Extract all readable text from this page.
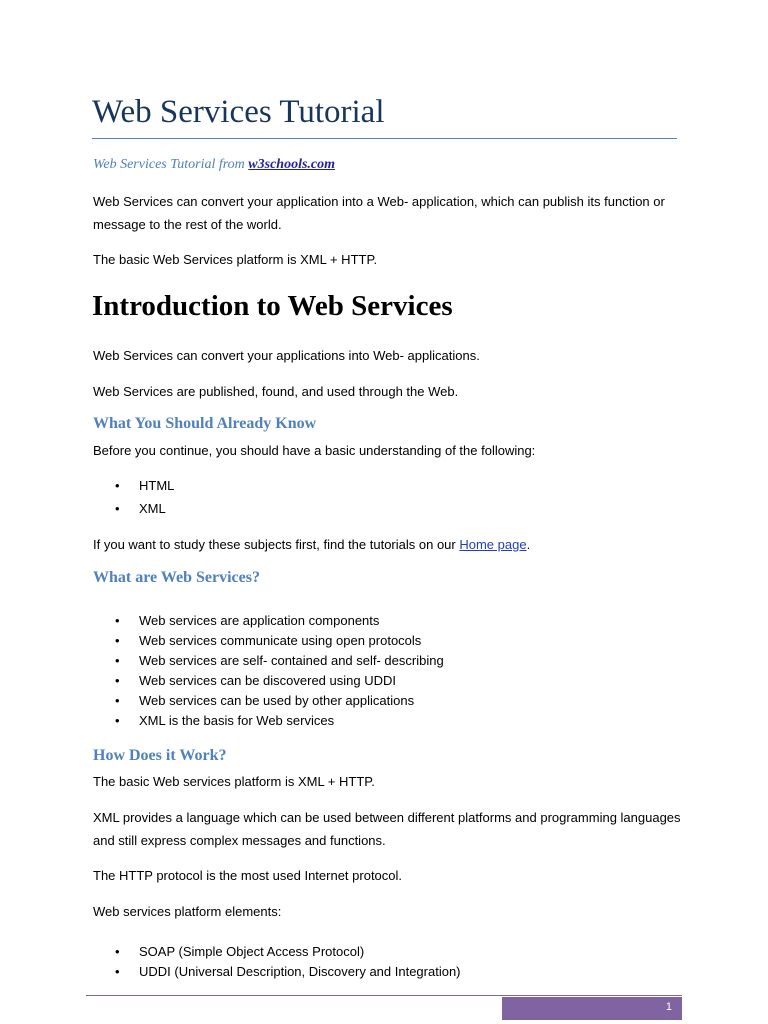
Web Services Tutorial
Web Services Tutorial from w3schools.com

Web Services can convert your application into a Web- application, which can publish its function or message to the rest of the world.

The basic Web Services platform is XML + HTTP.

Introduction to Web Services

Web Services can convert your applications into Web- applications.

Web Services are published, found, and used through the Web.

What You Should Already Know

Before you continue, you should have a basic understanding of the following:

• HTML
• XML

If you want to study these subjects first, find the tutorials on our Home page.

What are Web Services?
• Web services are application components
• Web services communicate using open protocols
• Web services are self- contained and self- describing
• Web services can be discovered using UDDI
• Web services can be used by other applications
• XML is the basis for Web services
How Does it Work?

The basic Web services platform is XML + HTTP.

XML provides a language which can be used between different platforms and programming languages and still express complex messages and functions.

The HTTP protocol is the most used Internet protocol.

Web services platform elements:

• SOAP (Simple Object Access Protocol)
• UDDI (Universal Description, Discovery and Integration)
1
